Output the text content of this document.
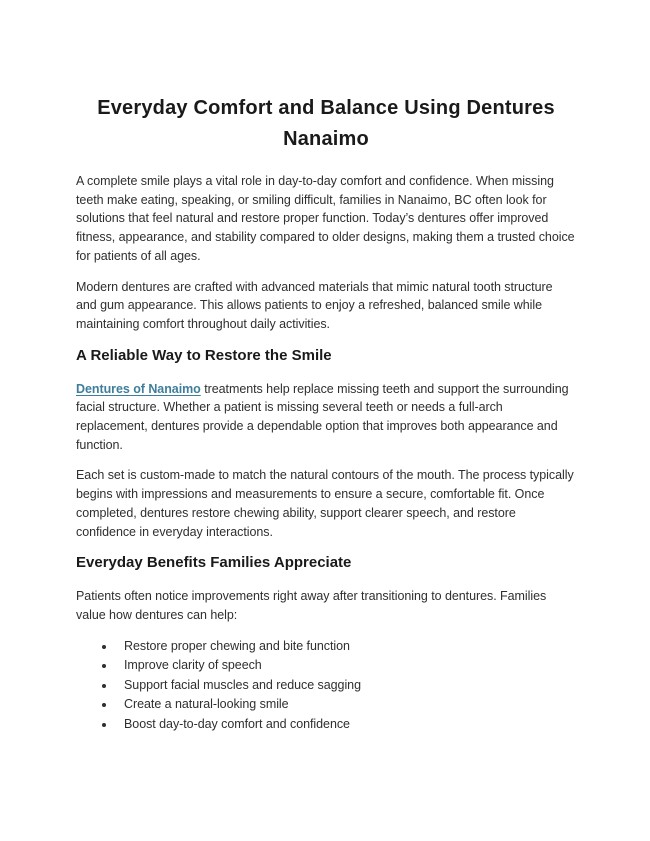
Everyday Comfort and Balance Using Dentures Nanaimo

A complete smile plays a vital role in day-to-day comfort and confidence. When missing teeth make eating, speaking, or smiling difficult, families in Nanaimo, BC often look for solutions that feel natural and restore proper function. Today’s dentures offer improved fitness, appearance, and stability compared to older designs, making them a trusted choice for patients of all ages.

Modern dentures are crafted with advanced materials that mimic natural tooth structure and gum appearance. This allows patients to enjoy a refreshed, balanced smile while maintaining comfort throughout daily activities.

A Reliable Way to Restore the Smile

Dentures of Nanaimo treatments help replace missing teeth and support the surrounding facial structure. Whether a patient is missing several teeth or needs a full-arch replacement, dentures provide a dependable option that improves both appearance and function.

Each set is custom-made to match the natural contours of the mouth. The process typically begins with impressions and measurements to ensure a secure, comfortable fit. Once completed, dentures restore chewing ability, support clearer speech, and restore confidence in everyday interactions.

Everyday Benefits Families Appreciate

Patients often notice improvements right away after transitioning to dentures. Families value how dentures can help:

• Restore proper chewing and bite function
• Improve clarity of speech
• Support facial muscles and reduce sagging
• Create a natural-looking smile
• Boost day-to-day comfort and confidence
